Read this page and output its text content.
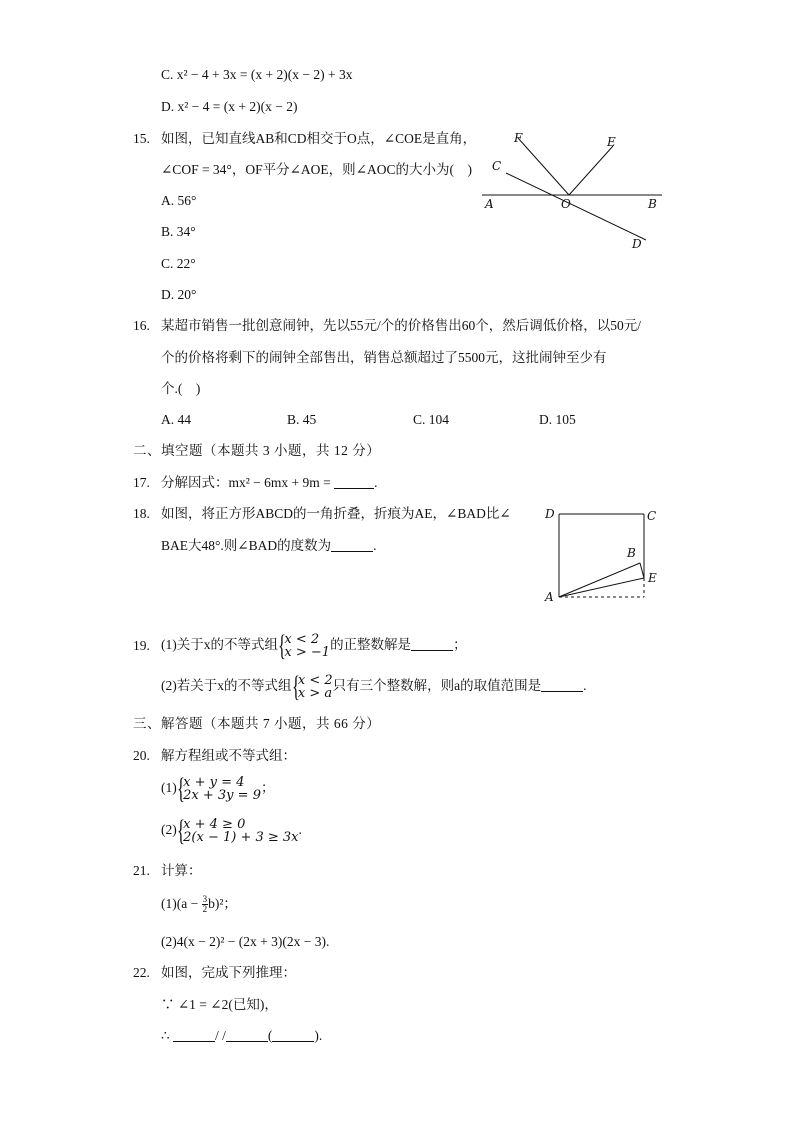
C. x² − 4 + 3x = (x + 2)(x − 2) + 3x
D. x² − 4 = (x + 2)(x − 2)
15. 如图，已知直线AB和CD相交于O点，∠COE是直角，
∠COF = 34°，OF平分∠AOE，则∠AOC的大小为(　)
A. 56°
B. 34°
C. 22°
D. 20°
F	E
C
A	O	B
D
16. 某超市销售一批创意闹钟，先以55元/个的价格售出60个，然后调低价格，以50元/
个的价格将剩下的闹钟全部售出，销售总额超过了5500元，这批闹钟至少有
个.(　)
A. 44	B. 45	C. 104	D. 105
二、填空题（本题共 3 小题，共 12 分）
17. 分解因式：mx² − 6mx + 9m =	.
18. 如图，将正方形ABCD的一角折叠，折痕为AE，∠BAD比∠
BAE大48°.则∠BAD的度数为	.
D	C
B
E
A
19. (1)关于x的不等式组{
x < 2
x > −1
的正整数解是	；
(2)若关于x的不等式组{
x < 2
x > a
只有三个整数解，则a的取值范围是	.
三、解答题（本题共 7 小题，共 66 分）
20. 解方程组或不等式组：
(1){
x + y = 4
2x + 3y = 9
；
(2){
x + 4 ≥ 0
2(x − 1) + 3 ≥ 3x
.
21. 计算：
$(1)(a - \frac{3}{2} b)^2$；
(2)4(x − 2)² − (2x + 3)(2x − 3).
22. 如图，完成下列推理：
∵ ∠1 = ∠2(已知)，
∴	/ /	(	).
